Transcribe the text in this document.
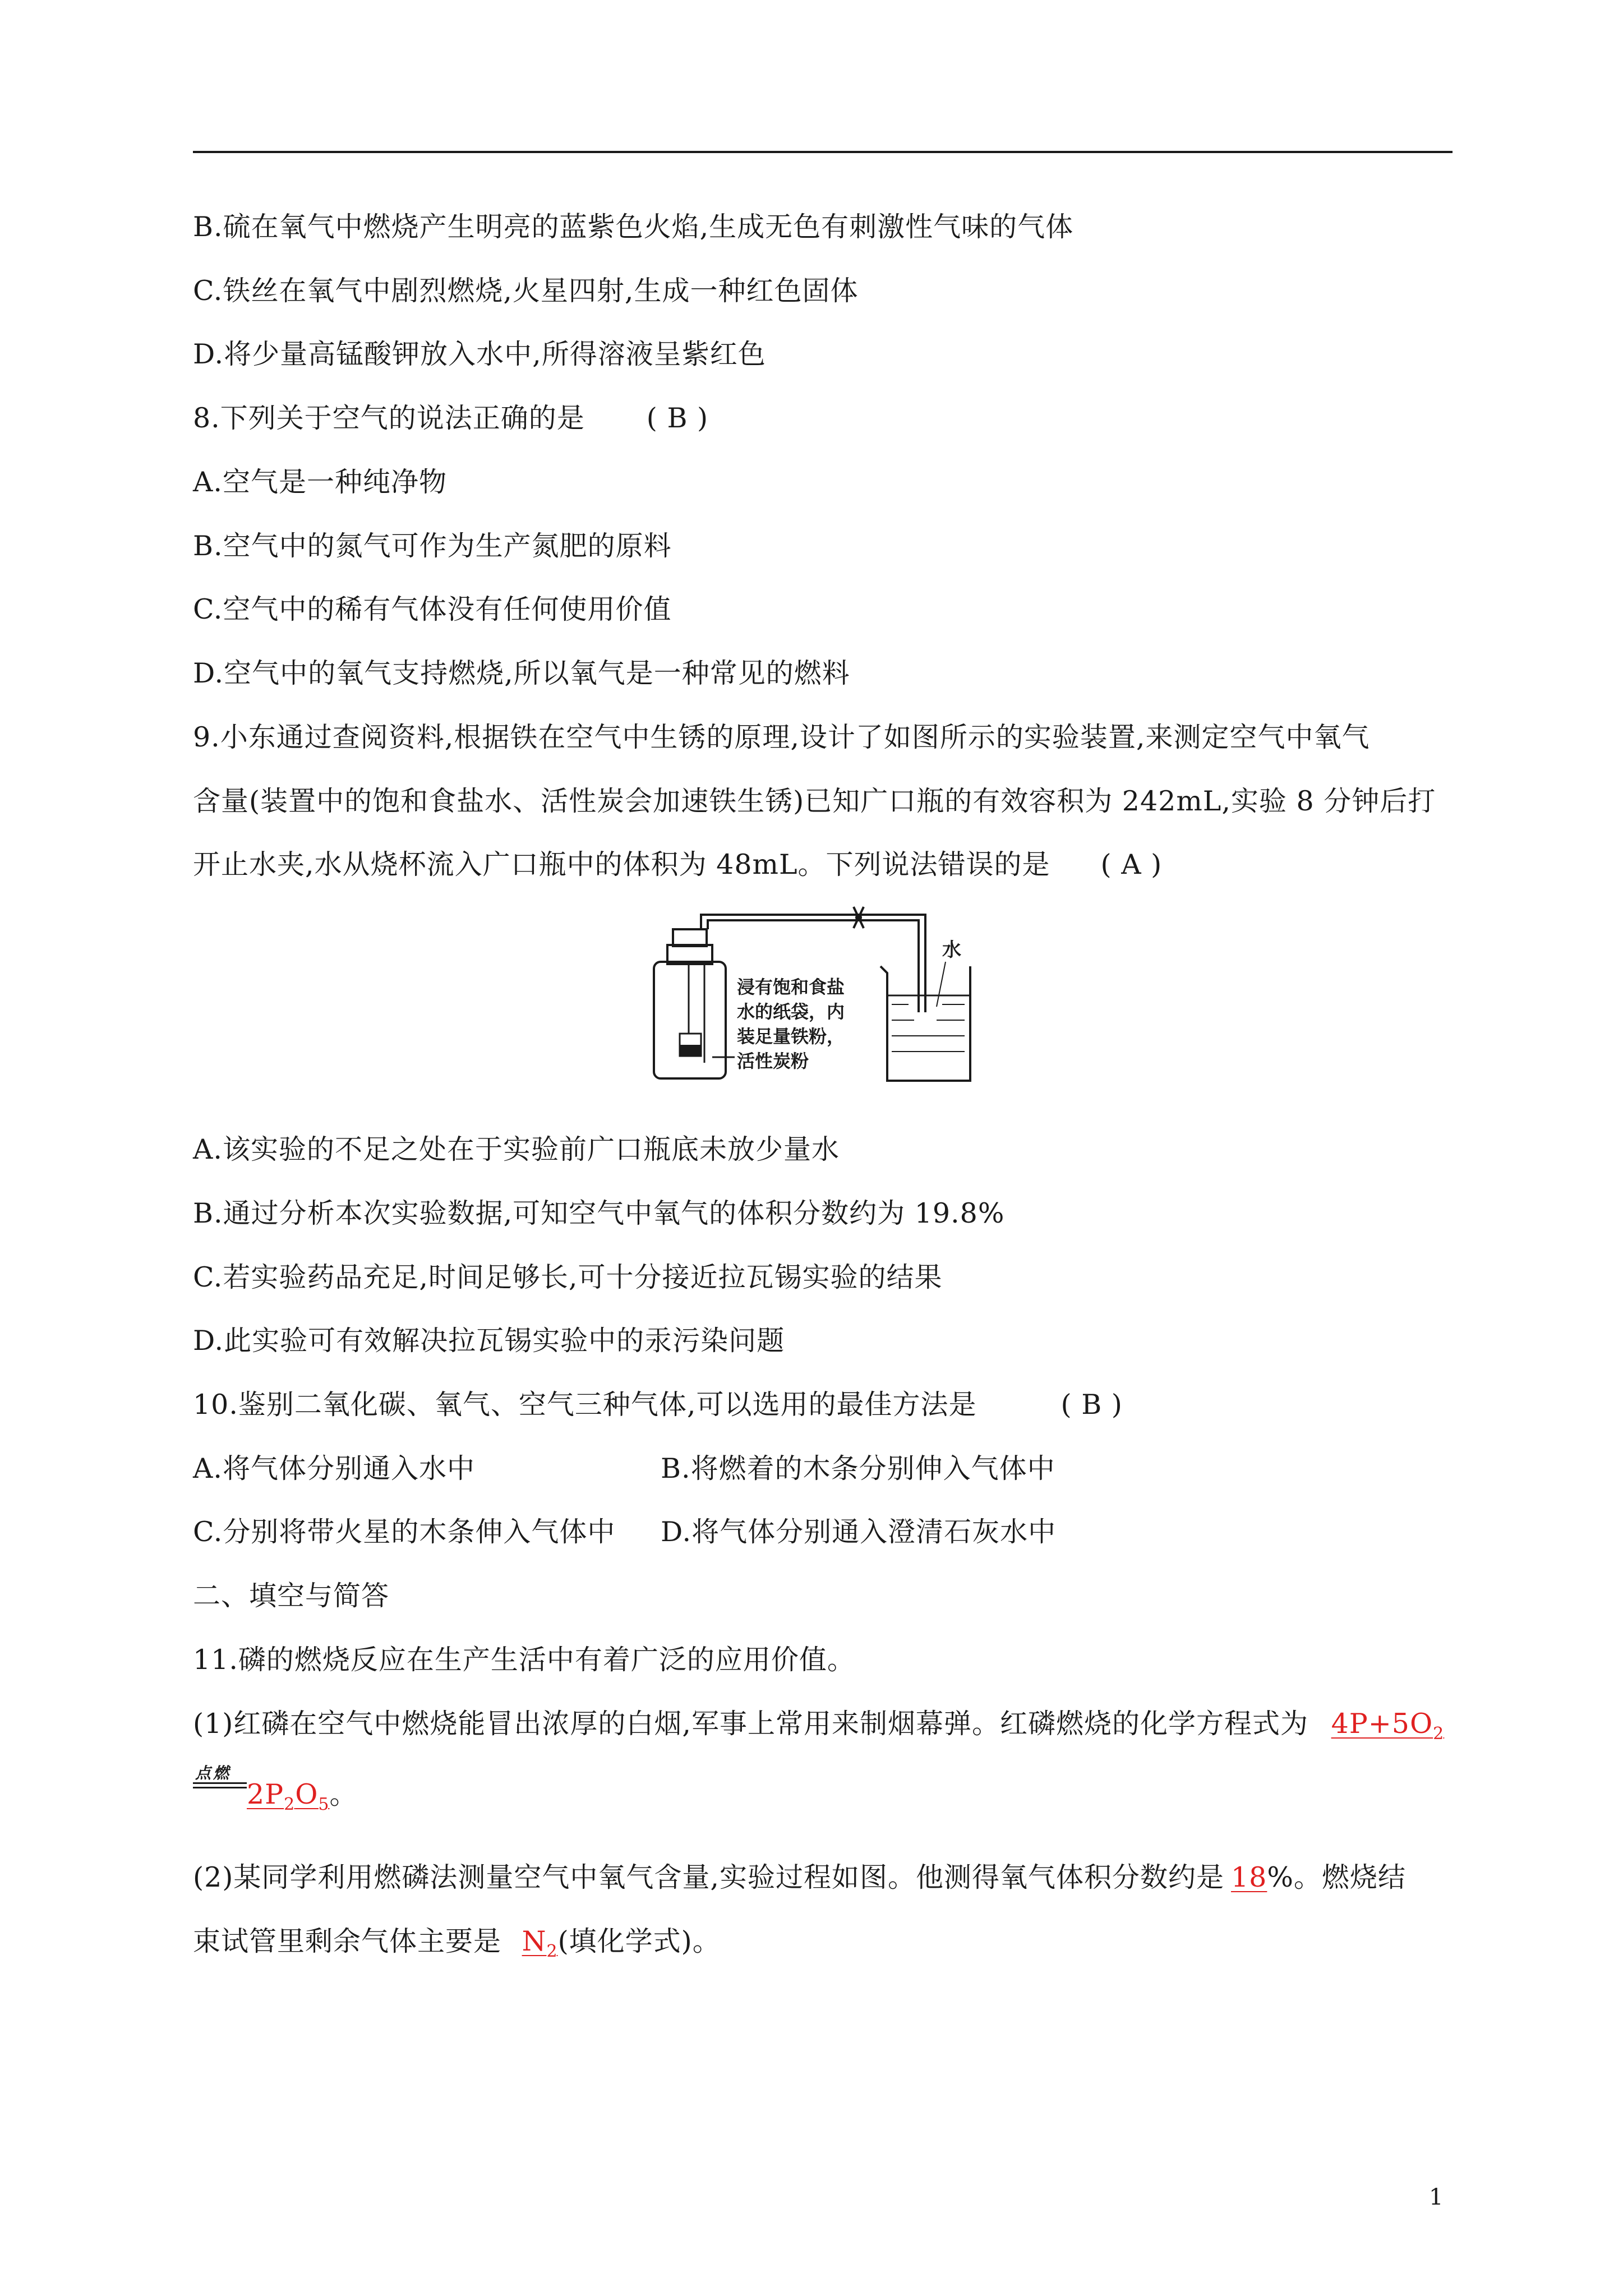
B.硫在氧气中燃烧产生明亮的蓝紫色火焰,生成无色有刺激性气味的气体
C.铁丝在氧气中剧烈燃烧,火星四射,生成一种红色固体
D.将少量高锰酸钾放入水中,所得溶液呈紫红色
8.下列关于空气的说法正确的是 ( B )
A.空气是一种纯净物
B.空气中的氮气可作为生产氮肥的原料
C.空气中的稀有气体没有任何使用价值
D.空气中的氧气支持燃烧,所以氧气是一种常见的燃料
9.小东通过查阅资料,根据铁在空气中生锈的原理,设计了如图所示的实验装置,来测定空气中氧气
含量(装置中的饱和食盐水、活性炭会加速铁生锈)已知广口瓶的有效容积为 242mL,实验 8 分钟后打
开止水夹,水从烧杯流入广口瓶中的体积为 48mL。下列说法错误的是 ( A )
水
浸有饱和食盐
水的纸袋，内
装足量铁粉，
活性炭粉
A.该实验的不足之处在于实验前广口瓶底未放少量水
B.通过分析本次实验数据,可知空气中氧气的体积分数约为 19.8%
C.若实验药品充足,时间足够长,可十分接近拉瓦锡实验的结果
D.此实验可有效解决拉瓦锡实验中的汞污染问题
10.鉴别二氧化碳、氧气、空气三种气体,可以选用的最佳方法是	( B )
A.将气体分别通入水中	B.将燃着的木条分别伸入气体中
C.分别将带火星的木条伸入气体中 D.将气体分别通入澄清石灰水中
二、填空与简答
11.磷的燃烧反应在生产生活中有着广泛的应用价值。
(1)红磷在空气中燃烧能冒出浓厚的白烟,军事上常用来制烟幕弹。红磷燃烧的化学方程式为 $4P+5O_2$
点燃
$2P_2O_5$。
(2)某同学利用燃磷法测量空气中氧气含量,实验过程如图。他测得氧气体积分数约是 18%。燃烧结
束试管里剩余气体主要是 $N_2$(填化学式)。
1
